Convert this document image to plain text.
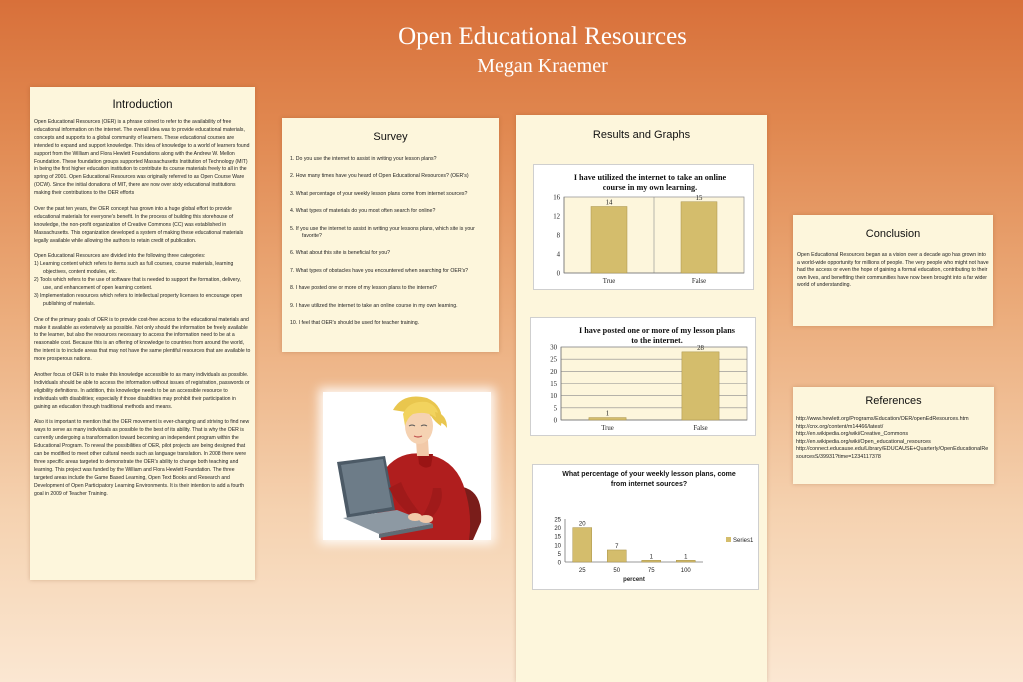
Open Educational Resources
Megan Kraemer
Introduction

Open Educational Resources (OER) is a phrase coined to refer to the availability of free educational information on the internet. The overall idea was to provide educational materials, concepts and supports to a global community of learners. These educational courses are intended to expand and support knowledge. This idea of knowledge to a world of learners found support from the William and Flora Hewlett Foundations along with the Andrew W. Mellon Foundation. These foundation groups supported Massachusetts Institution of Technology (MIT) in being the first higher education institution to contribute its course materials freely to all in the spring of 2001. Open Educational Resources was originally referred to as Open Course Ware (OCW). Since the initial donations of MIT, there are now over sixty educational institutions making their contributions to the OER efforts

Over the past ten years, the OER concept has grown into a huge global effort to provide educational materials for everyone's benefit. In the process of building this storehouse of knowledge, the non-profit organization of Creative Commons (CC) was established in Massachusetts. This organization developed a system of making these educational materials legally available while allowing the authors to retain credit of publication.

Open Educational Resources are divided into the following three categories:

1) Learning content which refers to items such as full courses, course materials, learning objectives, content modules, etc.
2) Tools which refers to the use of software that is needed to support the formation, delivery, use, and enhancement of open learning content.
3) Implementation resources which refers to intellectual property licenses to encourage open publishing of materials.

One of the primary goals of OER is to provide cost-free access to the educational materials and make it available as extensively as possible. Not only should the information be freely available to the learner, but also the resources necessary to access the information need to be at a reasonable cost. Because this is an offering of knowledge to countries from around the world, the intent is to include areas that may not have the same plentiful resources that are available to more prosperous nations.

Another focus of OER is to make this knowledge accessible to as many individuals as possible. Individuals should be able to access the information without issues of registration, passwords or eligibility definitions. In addition, this knowledge needs to be an accessible resource to individuals with disabilities; especially if those disabilities may prohibit their participation in gaining an education through traditional methods and means.

Also it is important to mention that the OER movement is ever-changing and striving to find new ways to serve as many individuals as possible to the best of its ability. That is why the OER is currently undergoing a transformation toward becoming an independent program within the Educational Program. To reveal the possibilities of OER, pilot projects are being designed that can be modified to meet other cultural needs such as language translation. In 2008 there were three specific areas targeted to demonstrate the OER's ability to change both teaching and learning. This project was funded by the William and Flora Hewlett Foundation. The three targeted areas include the Game Based Learning, Open Text Books and Research and Development of Open Participatory Learning Environments. It is their intention to add a fourth goal in 2009 of Teacher Training.

Survey
1. Do you use the internet to assist in writing your lesson plans?
2. How many times have you heard of Open Educational Resources? (OER's)
3. What percentage of your weekly lesson plans come from internet sources?
4. What types of materials do you most often search for online?
5. If you use the internet to assist in writing your lessons plans, which site is your favorite?
6. What about this site is beneficial for you?
7. What types of obstacles have you encountered when searching for OER's?
8. I have posted one or more of my lesson plans to the internet?
9. I have utilized the internet to take an online course in my own learning.
10. I feel that OER's should be used for teacher training.
Results and Graphs
I have utilized the internet to take an online
course in my own learning.
0
4
8
12
16
14
True
15
False
I have posted one or more of my lesson plans
to the internet.
0
5
10
15
20
25
30
1
True
28
False
What percentage of your weekly lesson plans, come
from internet sources?
0
5
10
15
20
25
20
25
7
50
1
75
1
100
percent
Series1
Conclusion
Open Educational Resources began as a vision over a decade ago has grown into a world-wide opportunity for millions of people. The very people who might not have had the access or even the hope of gaining a formal education, contributing to their own lives, and benefiting their communities have now been brought into a far wider world of understanding.
References
http://www.hewlett.org/Programs/Education/OER/openEdResources.htm
http://cnx.org/content/m14466/latest/
http://en.wikipedia.org/wiki/Creative_Commons
http://en.wikipedia.org/wiki/Open_educational_resources
http://connect.educause.edu/Library/EDUCAUSE+Quarterly/OpenEducationalResourcesS/39931?time=1234117378
